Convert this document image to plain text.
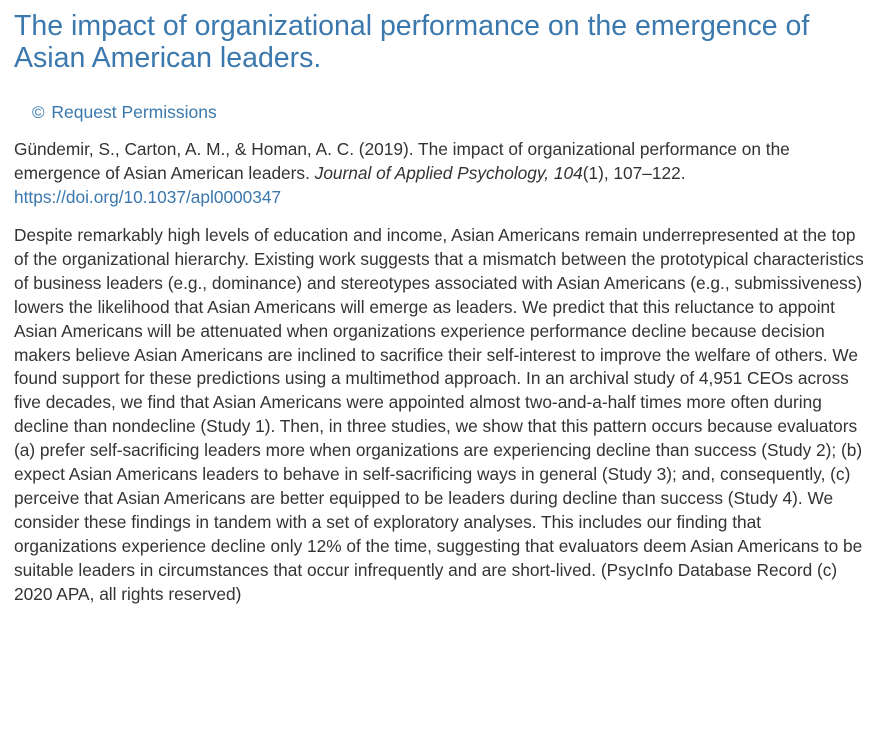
The impact of organizational performance on the emergence of Asian American leaders.
© Request Permissions
Gündemir, S., Carton, A. M., & Homan, A. C. (2019). The impact of organizational performance on the emergence of Asian American leaders. Journal of Applied Psychology, 104(1), 107–122.
https://doi.org/10.1037/apl0000347
Despite remarkably high levels of education and income, Asian Americans remain underrepresented at the top of the organizational hierarchy. Existing work suggests that a mismatch between the prototypical characteristics of business leaders (e.g., dominance) and stereotypes associated with Asian Americans (e.g., submissiveness) lowers the likelihood that Asian Americans will emerge as leaders. We predict that this reluctance to appoint Asian Americans will be attenuated when organizations experience performance decline because decision makers believe Asian Americans are inclined to sacrifice their self-interest to improve the welfare of others. We found support for these predictions using a multimethod approach. In an archival study of 4,951 CEOs across five decades, we find that Asian Americans were appointed almost two-and-a-half times more often during decline than nondecline (Study 1). Then, in three studies, we show that this pattern occurs because evaluators (a) prefer self-sacrificing leaders more when organizations are experiencing decline than success (Study 2); (b) expect Asian Americans leaders to behave in self-sacrificing ways in general (Study 3); and, consequently, (c) perceive that Asian Americans are better equipped to be leaders during decline than success (Study 4). We consider these findings in tandem with a set of exploratory analyses. This includes our finding that organizations experience decline only 12% of the time, suggesting that evaluators deem Asian Americans to be suitable leaders in circumstances that occur infrequently and are short-lived. (PsycInfo Database Record (c) 2020 APA, all rights reserved)
